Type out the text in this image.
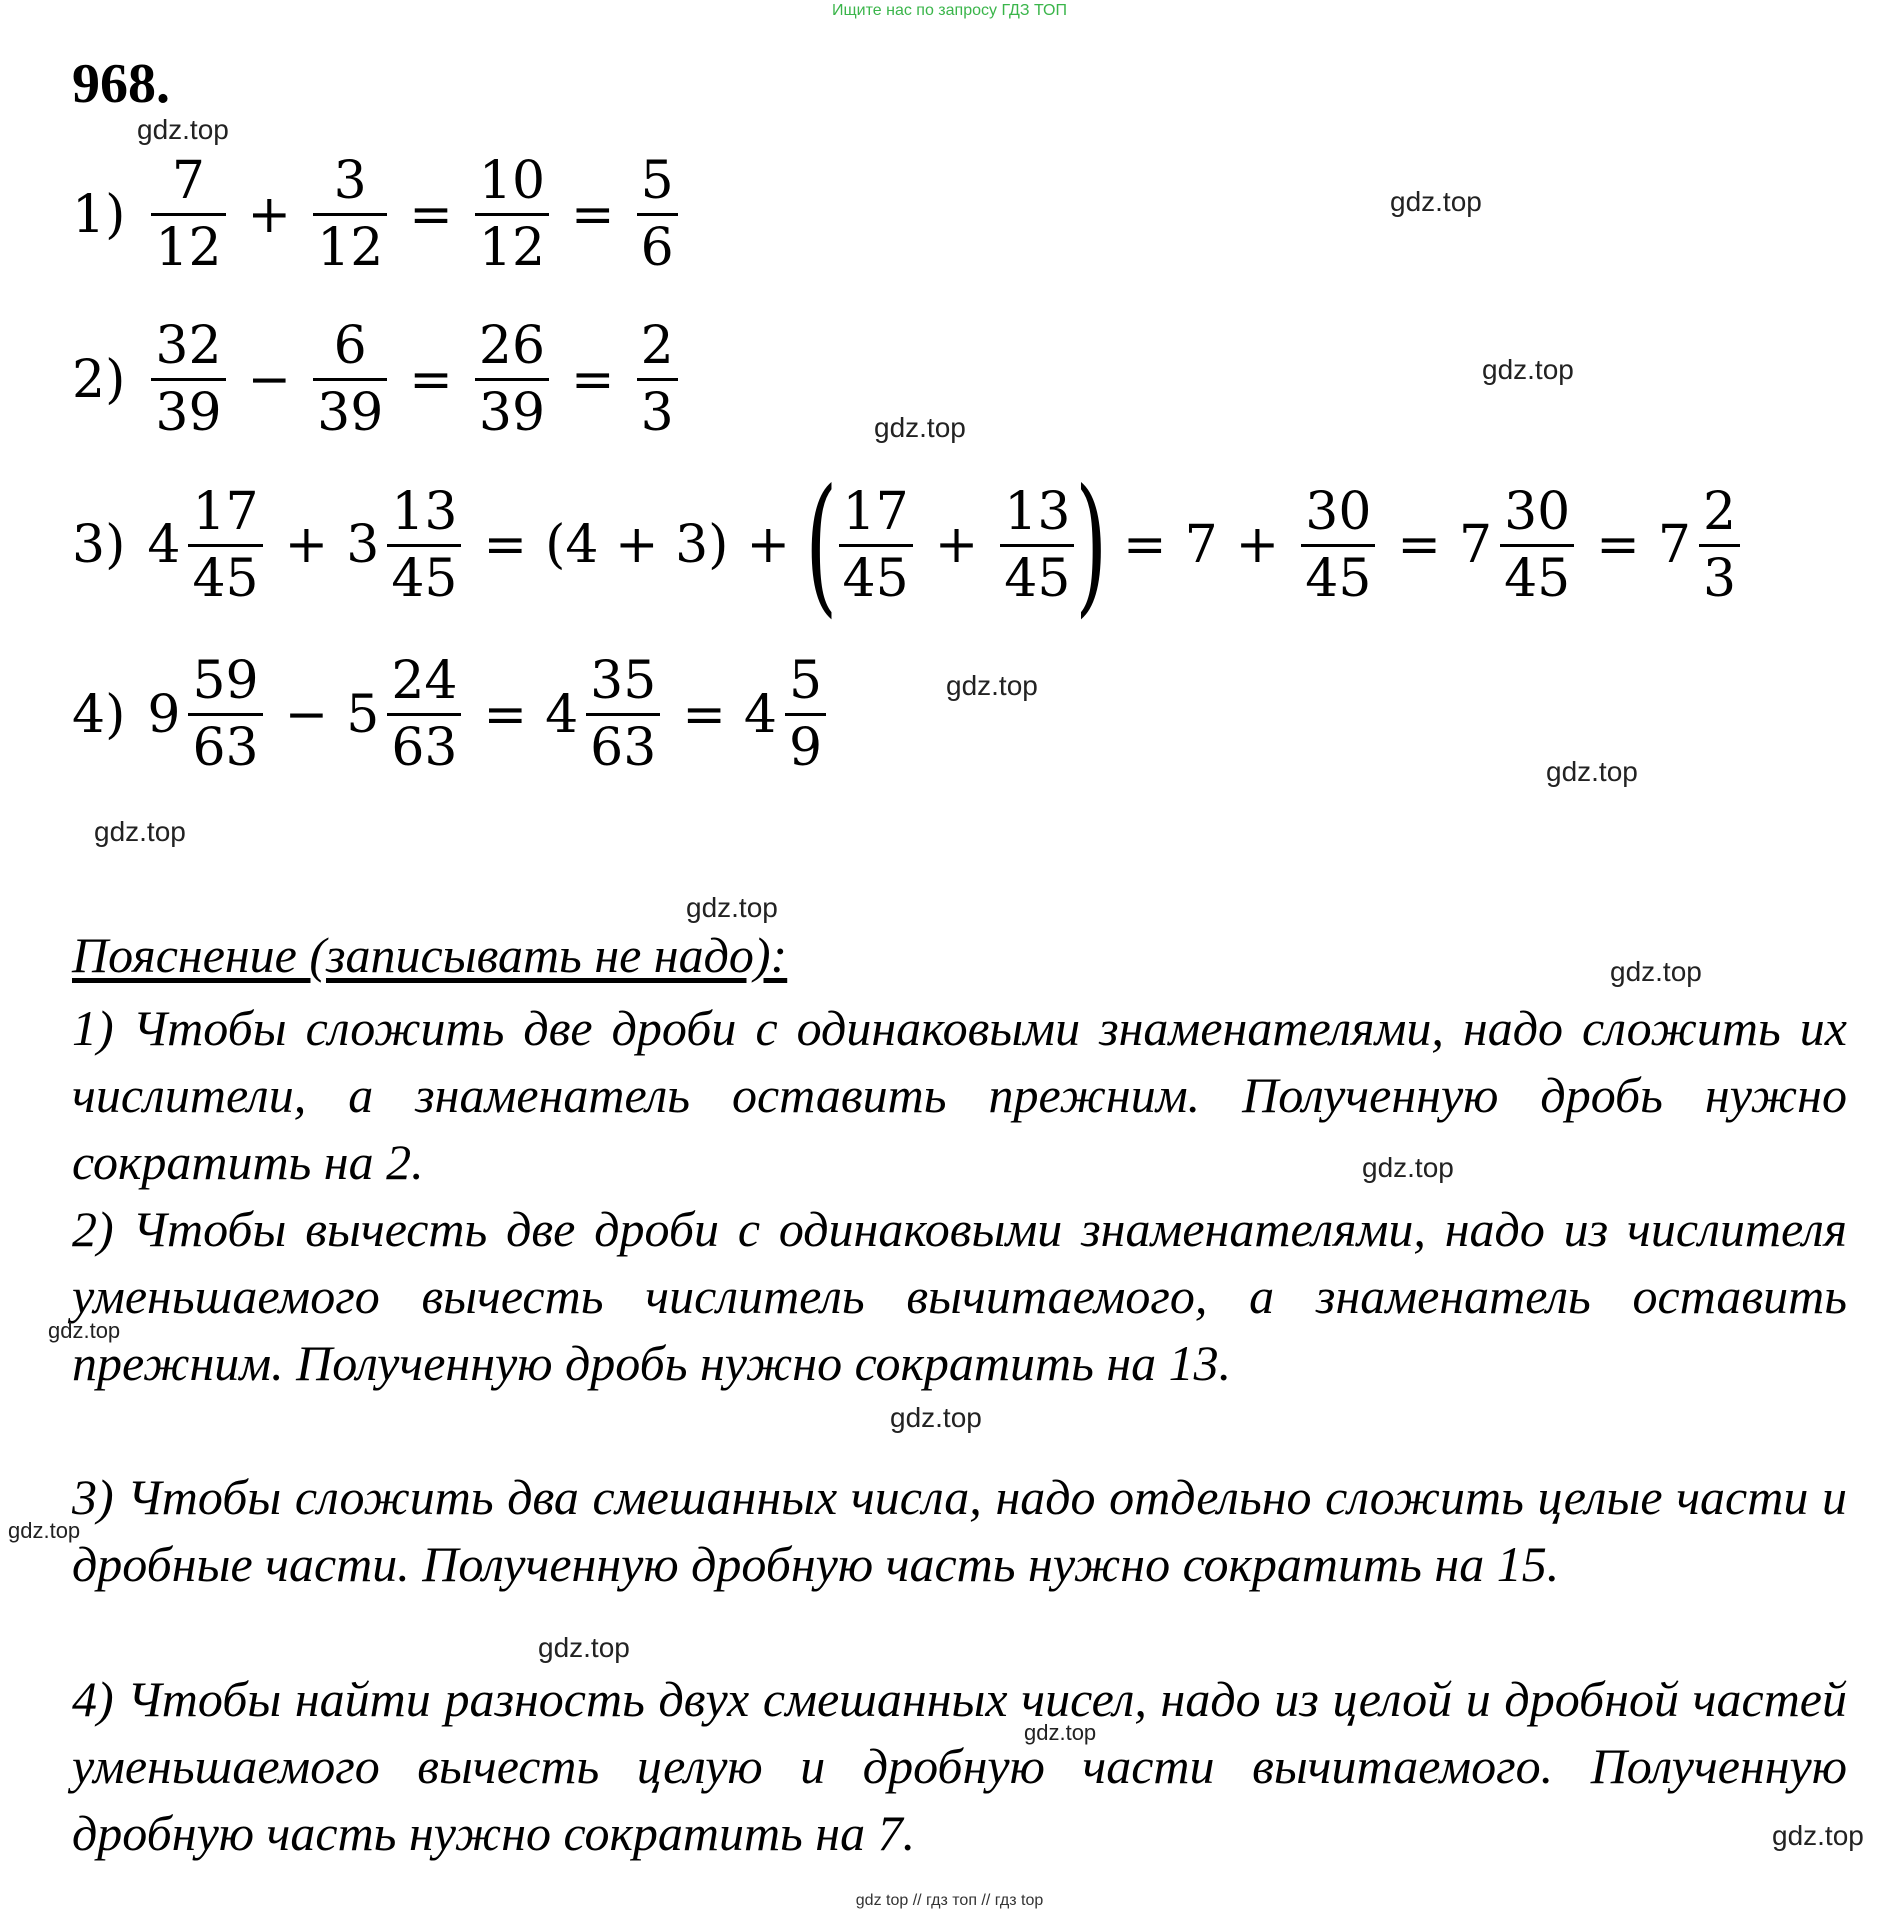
Ищите нас по запросу ГДЗ ТОП
968.
$1) \frac{7}{12} + \frac{3}{12} = \frac{10}{12} = \frac{5}{6}$
$2) \frac{32}{39} - \frac{6}{39} = \frac{26}{39} = \frac{2}{3}$
3) $4 \frac{17}{45} + 3 \frac{13}{45} = (4 + 3)$ + ( $\frac{17}{45} + \frac{13}{45}$ ) = $7 + \frac{30}{45} = 7 \frac{30}{45} = 7 \frac{2}{3}$
4) $9 \frac{59}{63} - 5 \frac{24}{63} = 4 \frac{35}{63} = 4 \frac{5}{9}$
Пояснение (записывать не надо):
1) Чтобы сложить две дроби с одинаковыми знаменателями, надо сложить их числители, а знаменатель оставить прежним. Полученную дробь нужно сократить на 2.
2) Чтобы вычесть две дроби с одинаковыми знаменателями, надо из числителя уменьшаемого вычесть числитель вычитаемого, а знаменатель оставить прежним. Полученную дробь нужно сократить на 13.
3) Чтобы сложить два смешанных числа, надо отдельно сложить целые части и дробные части. Полученную дробную часть нужно сократить на 15.
4) Чтобы найти разность двух смешанных чисел, надо из целой и дробной частей уменьшаемого вычесть целую и дробную части вычитаемого. Полученную дробную часть нужно сократить на 7.
gdz.top
gdz.top
gdz.top
gdz.top
gdz.top
gdz.top
gdz.top
gdz.top
gdz.top
gdz.top
gdz.top
gdz.top
gdz.top
gdz.top
gdz.top
gdz.top
gdz top // гдз топ // гдз top
